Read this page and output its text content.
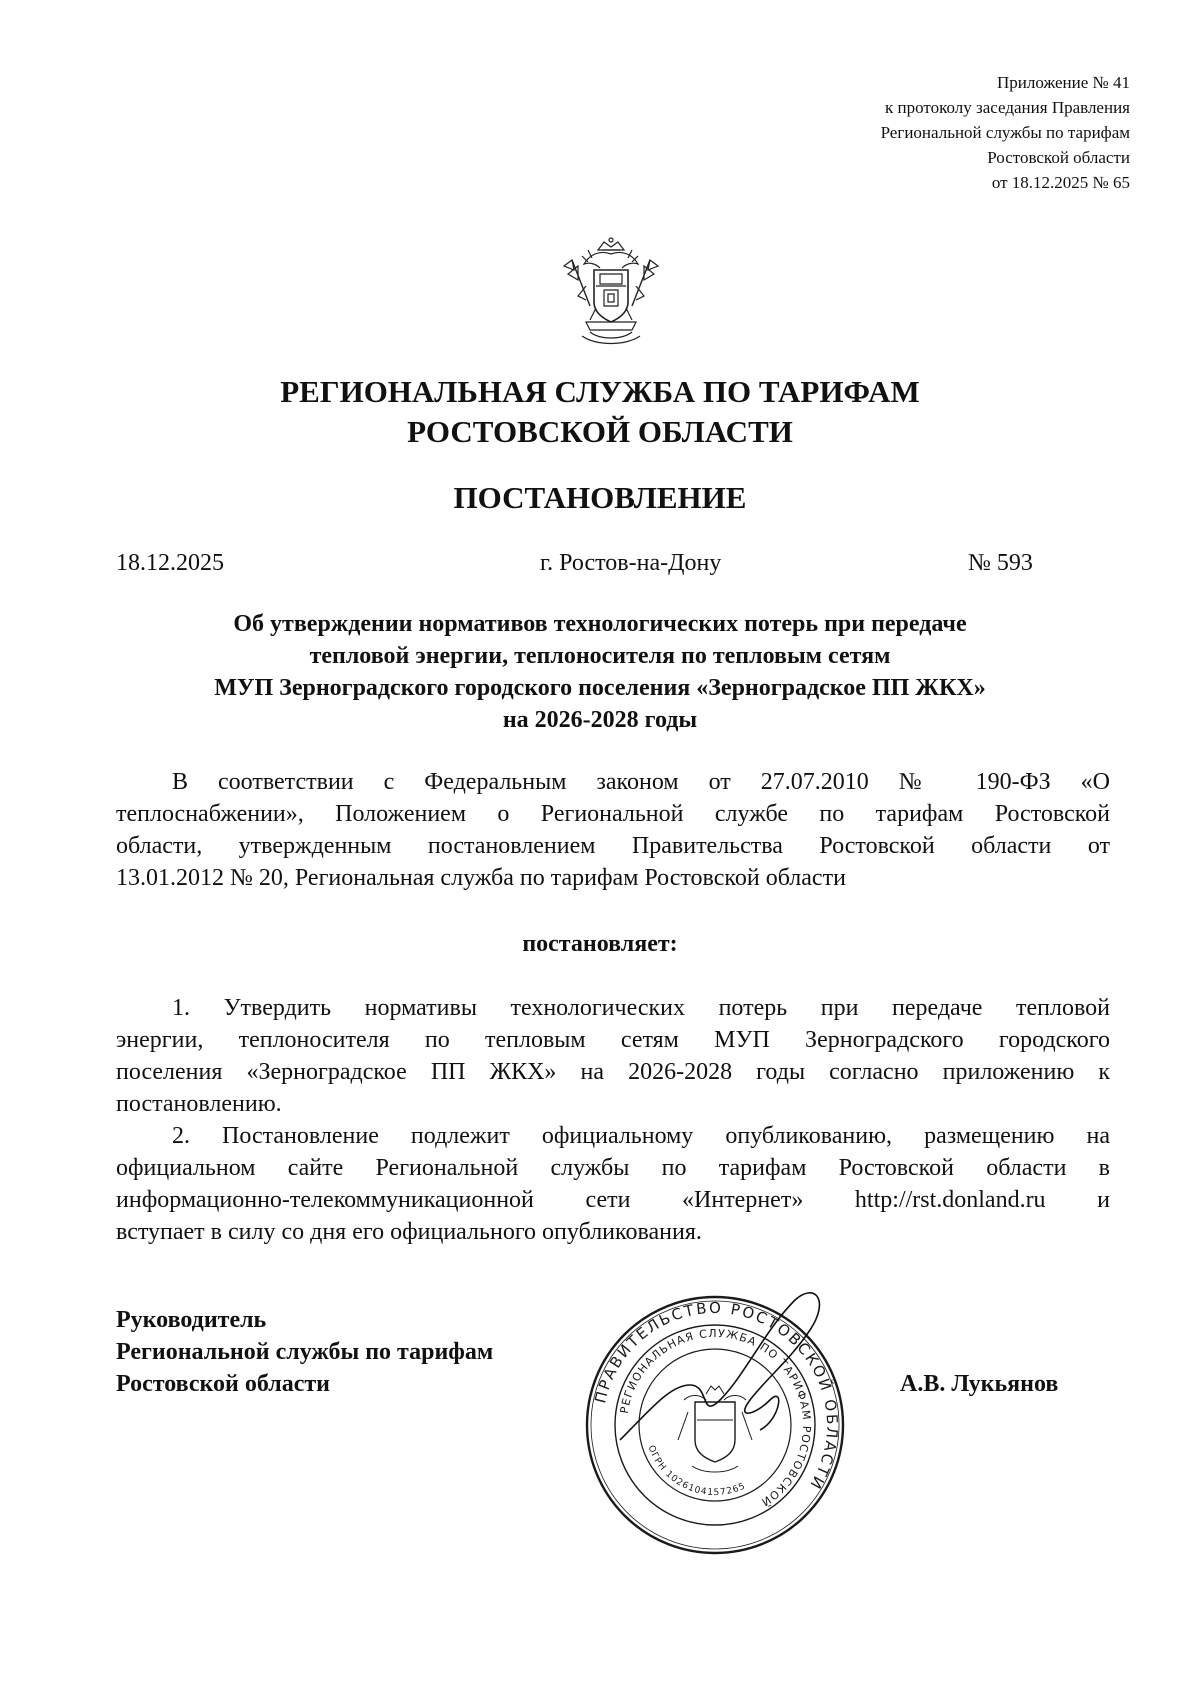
Приложение № 41
к протоколу заседания Правления
Региональной службы по тарифам
Ростовской области
от 18.12.2025 № 65
РЕГИОНАЛЬНАЯ СЛУЖБА ПО ТАРИФАМ
РОСТОВСКОЙ ОБЛАСТИ
ПОСТАНОВЛЕНИЕ
18.12.2025	г. Ростов-на-Дону	№ 593
Об утверждении нормативов технологических потерь при передаче
тепловой энергии, теплоносителя по тепловым сетям
МУП Зерноградского городского поселения «Зерноградское ПП ЖКХ»
на 2026-2028 годы
В соответствии с Федеральным законом от 27.07.2010 № 190-ФЗ «О
теплоснабжении», Положением о Региональной службе по тарифам Ростовской
области, утвержденным постановлением Правительства Ростовской области от
13.01.2012 № 20, Региональная служба по тарифам Ростовской области
постановляет:
1. Утвердить нормативы технологических потерь при передаче тепловой
энергии, теплоносителя по тепловым сетям МУП Зерноградского городского
поселения «Зерноградское ПП ЖКХ» на 2026-2028 годы согласно приложению к
постановлению.
2. Постановление подлежит официальному опубликованию, размещению на
официальном сайте Региональной службы по тарифам Ростовской области в
информационно-телекоммуникационной сети «Интернет» http://rst.donland.ru и
вступает в силу со дня его официального опубликования.
Руководитель
Региональной службы по тарифам
Ростовской области	А.В. Лукьянов
ПРАВИТЕЛЬСТВО РОСТОВСКОЙ ОБЛАСТИ
РЕГИОНАЛЬНАЯ СЛУЖБА ПО ТАРИФАМ РОСТОВСКОЙ
ОГРН 1026104157265
